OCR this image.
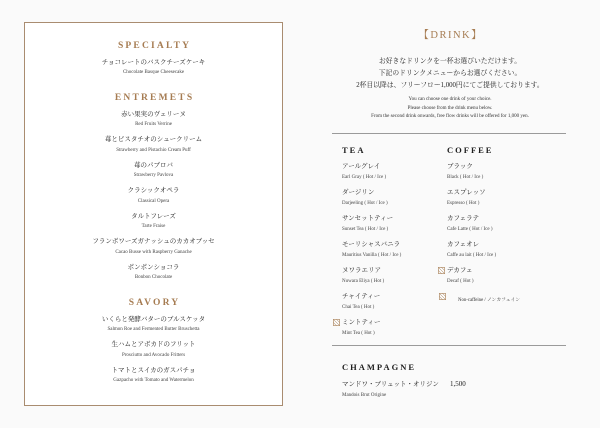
SPECIALTY
チョコレートのバスクチーズケーキ
Chocolate Basque Cheesecake
ENTREMETS
赤い果実のヴェリーヌ
Red Fruits Verrine
苺とピスタチオのシュークリーム
Strawberry and Pistachio Cream Puff
苺のパブロバ
Strawberry Pavlova
クラシックオペラ
Classical Opera
タルトフレーズ
Tarte Fraise
フランボワーズガナッシュのカカオブッセ
Cacao Busse with Raspberry Ganache
ボンボンショコラ
Bonbon Chocolate
SAVORY
いくらと発酵バターのブルスケッタ
Salmon Roe and Fermented Butter Bruschetta
生ハムとアボカドのフリット
Prosciutto and Avocado Fritters
トマトとスイカのガスパチョ
Gazpacho with Tomato and Watermelon
【DRINK】
お好きなドリンクを一杯お選びいただけます。
下記のドリンクメニューからお選びください。
2杯目以降は、フリーフロー1,000円にてご提供しております。
You can choose one drink of your choice.
Please choose from the drink menu below.
From the second drink onwards, free flow drinks will be offered for 1,000 yen.
TEA	COFFEE
アールグレイ
Earl Gray ( Hot / Ice )
ダージリン
Darjeeling ( Hot / Ice )
サンセットティー
Sunset Tea ( Hot / Ice )
モーリシャスバニラ
Mauritius Vanilla ( Hot / Ice )
ヌワラエリア
Nuwara Eliya ( Hot )
チャイティー
Chai Tea ( Hot )
ミントティー
Mint Tea ( Hot )
ブラック
Black ( Hot / Ice )
エスプレッソ
Espresso ( Hot )
カフェラテ
Cafe Latte ( Hot / Ice )
カフェオレ
Caffe au lait ( Hot / Ice )
デカフェ
Decaf ( Hot )
Non-caffeine / ノンカフェイン
CHAMPAGNE
マンドワ・ブリュット・オリジン	1,500
Mandois Brut Origine
